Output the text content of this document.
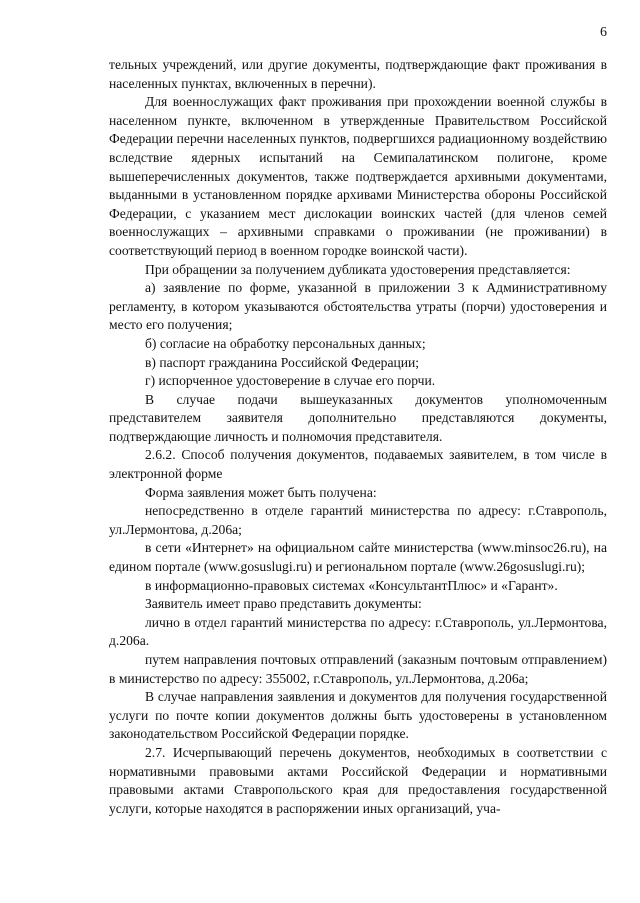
6

тельных учреждений, или другие документы, подтверждающие факт проживания в населенных пунктах, включенных в перечни).

Для военнослужащих факт проживания при прохождении военной службы в населенном пункте, включенном в утвержденные Правительством Российской Федерации перечни населенных пунктов, подвергшихся радиационному воздействию вследствие ядерных испытаний на Семипалатинском полигоне, кроме вышеперечисленных документов, также подтверждается архивными документами, выданными в установленном порядке архивами Министерства обороны Российской Федерации, с указанием мест дислокации воинских частей (для членов семей военнослужащих – архивными справками о проживании (не проживании) в соответствующий период в военном городке воинской части).

При обращении за получением дубликата удостоверения представляется:

а) заявление по форме, указанной в приложении 3 к Административному регламенту, в котором указываются обстоятельства утраты (порчи) удостоверения и место его получения;

б) согласие на обработку персональных данных;

в) паспорт гражданина Российской Федерации;

г) испорченное удостоверение в случае его порчи.

В случае подачи вышеуказанных документов уполномоченным представителем заявителя дополнительно представляются документы, подтверждающие личность и полномочия представителя.

2.6.2. Способ получения документов, подаваемых заявителем, в том числе в электронной форме

Форма заявления может быть получена:

непосредственно в отделе гарантий министерства по адресу: г.Ставрополь, ул.Лермонтова, д.206а;

в сети «Интернет» на официальном сайте министерства (www.minsoc26.ru), на едином портале (www.gosuslugi.ru) и региональном портале (www.26gosuslugi.ru);

в информационно-правовых системах «КонсультантПлюс» и «Гарант».

Заявитель имеет право представить документы:

лично в отдел гарантий министерства по адресу: г.Ставрополь, ул.Лермонтова, д.206а.

путем направления почтовых отправлений (заказным почтовым отправлением) в министерство по адресу: 355002, г.Ставрополь, ул.Лермонтова, д.206а;

В случае направления заявления и документов для получения государственной услуги по почте копии документов должны быть удостоверены в установленном законодательством Российской Федерации порядке.

2.7. Исчерпывающий перечень документов, необходимых в соответствии с нормативными правовыми актами Российской Федерации и нормативными правовыми актами Ставропольского края для предоставления государственной услуги, которые находятся в распоряжении иных организаций, уча-
